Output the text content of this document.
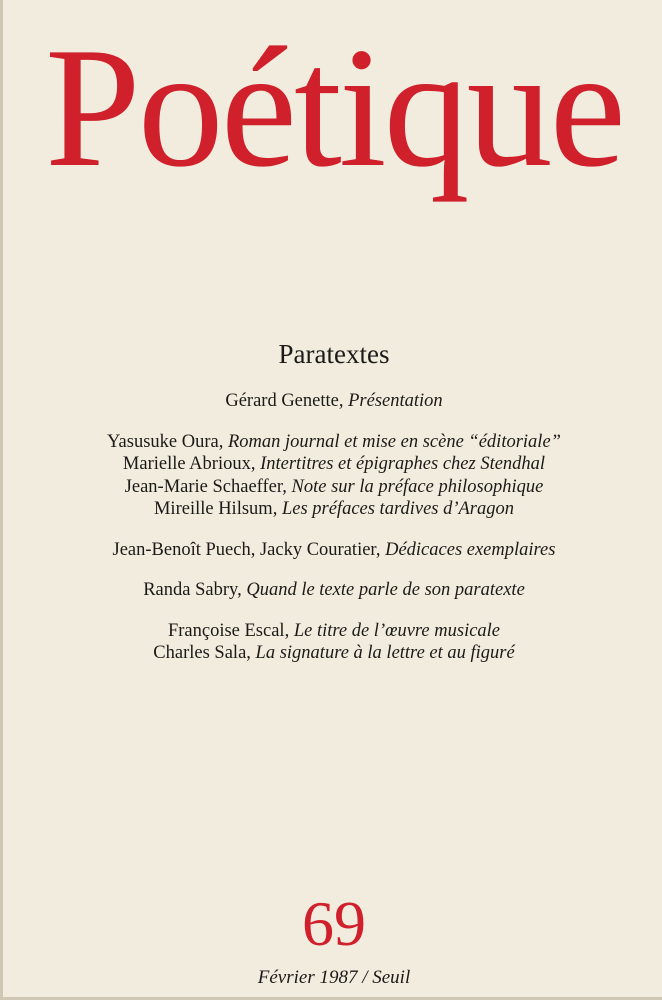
Poétique
Paratextes
Gérard Genette, Présentation
Yasusuke Oura, Roman journal et mise en scène “éditoriale”
Marielle Abrioux, Intertitres et épigraphes chez Stendhal
Jean-Marie Schaeffer, Note sur la préface philosophique
Mireille Hilsum, Les préfaces tardives d’Aragon
Jean-Benoît Puech, Jacky Couratier, Dédicaces exemplaires
Randa Sabry, Quand le texte parle de son paratexte
Françoise Escal, Le titre de l’œuvre musicale
Charles Sala, La signature à la lettre et au figuré
69
Février 1987 / Seuil
